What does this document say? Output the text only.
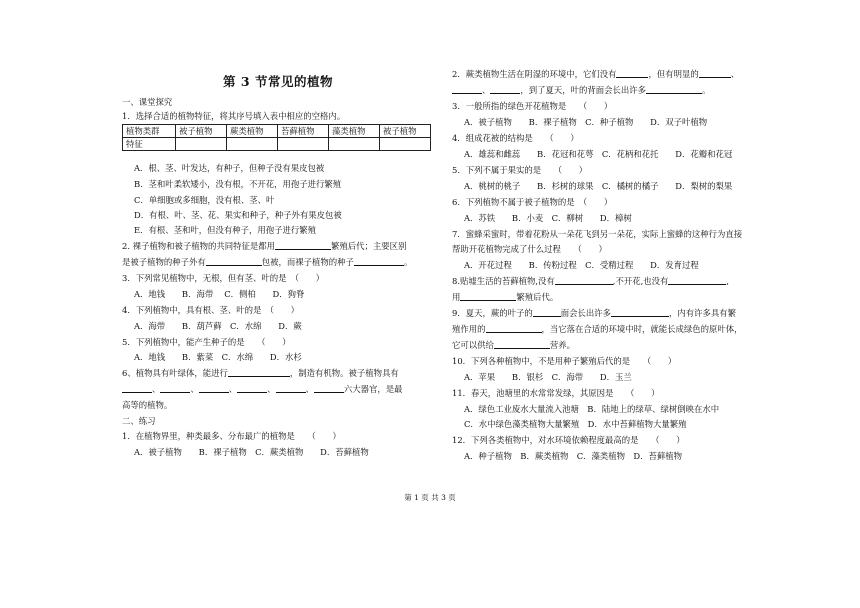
第 3 节常见的植物
一、课堂探究
1．选择合适的植物特征，将其序号填入表中相应的空格内。
植物类群	被子植物	蕨类植物	苔藓植物	藻类植物	被子植物
特征					
A．根、茎、叶发达，有种子，但种子没有果皮包被
B．茎和叶柔软矮小，没有根，不开花，用孢子进行繁殖
C．单细胞或多细胞，没有根、茎、叶
D．有根、叶、茎、花、果实和种子，种子外有果皮包被
E．有根、茎和叶，但没有种子，用孢子进行繁殖
2. 裸子植物和被子植物的共同特征是都用	繁殖后代；主要区别
是被子植物的种子外有	包被，而裸子植物的种子	。
3．下列常见植物中，无根，但有茎、叶的是　（　　）
A．地钱　　B．海带　 C．侧柏　　D．狗脊
4．下列植物中，具有根、茎、叶的是　（　　）
A．海带　　B．葫芦藓　C．水绵　　D．蕨
5．下列植物中，能产生种子的是　　（　　）
A．地钱　　B．紫菜　C．水绵　　D．水杉
6、植物具有叶绿体，能进行	，制造有机物。被子植物具有
、	、	、	、	、	六大器官，是最
高等的植物。
二、练习
1．在植物界里，种类最多、分布最广的植物是　　（　　）
A．被子植物　　B．裸子植物　C．蕨类植物　　D．苔藓植物
2．蕨类植物生活在阴湿的环境中，它们没有	，但有明显的	、
、	，到了夏天，叶的背面会长出许多	。
3．一般所指的绿色开花植物是　　（　　）
A．被子植物　　B．裸子植物　C．种子植物　　D．双子叶植物
4．组成花被的结构是　　（　　）
A．雄蕊和雌蕊　　B．花冠和花萼　C．花柄和花托　　D．花瓣和花冠
5．下列不属于果实的是　　（　　）
A．桃树的桃子　　B．杉树的球果　C．橘树的橘子　　D．梨树的梨果
6．下列植物不属于被子植物的是　（　　）
A．苏铁　　B．小麦　C．柳树　　D．樟树
7．蜜蜂采蜜时，带着花粉从一朵花飞到另一朵花，实际上蜜蜂的这种行为直接
帮助开花植物完成了什么过程　　（　　）
A．开花过程　　B．传粉过程　C．受精过程　　D．发育过程
8.贴墟生活的苔藓植物,没有	,不开花,也没有	,
用	繁殖后代。
9．夏天，蕨的叶子的	面会长出许多	，内有许多具有繁
殖作用的	，当它落在合适的环境中时，就能长成绿色的原叶体，
它可以供给	营养。
10．下列各种植物中，不是用种子繁殖后代的是　　（　　）
A．苹果　　B．银杉　C．海带　　D．玉兰
11．春天，池塘里的水常常发绿，其原因是　　（　　）
A．绿色工业废水大量流入池塘　B．陆地上的绿草、绿树倒映在水中
C．水中绿色藻类植物大量繁殖　D．水中苔藓植物大量繁殖
12．下列各类植物中，对水环境依赖程度最高的是　　（　　）
A．种子植物　B．蕨类植物　C．藻类植物　D．苔藓植物
第 1 页 共 3 页
